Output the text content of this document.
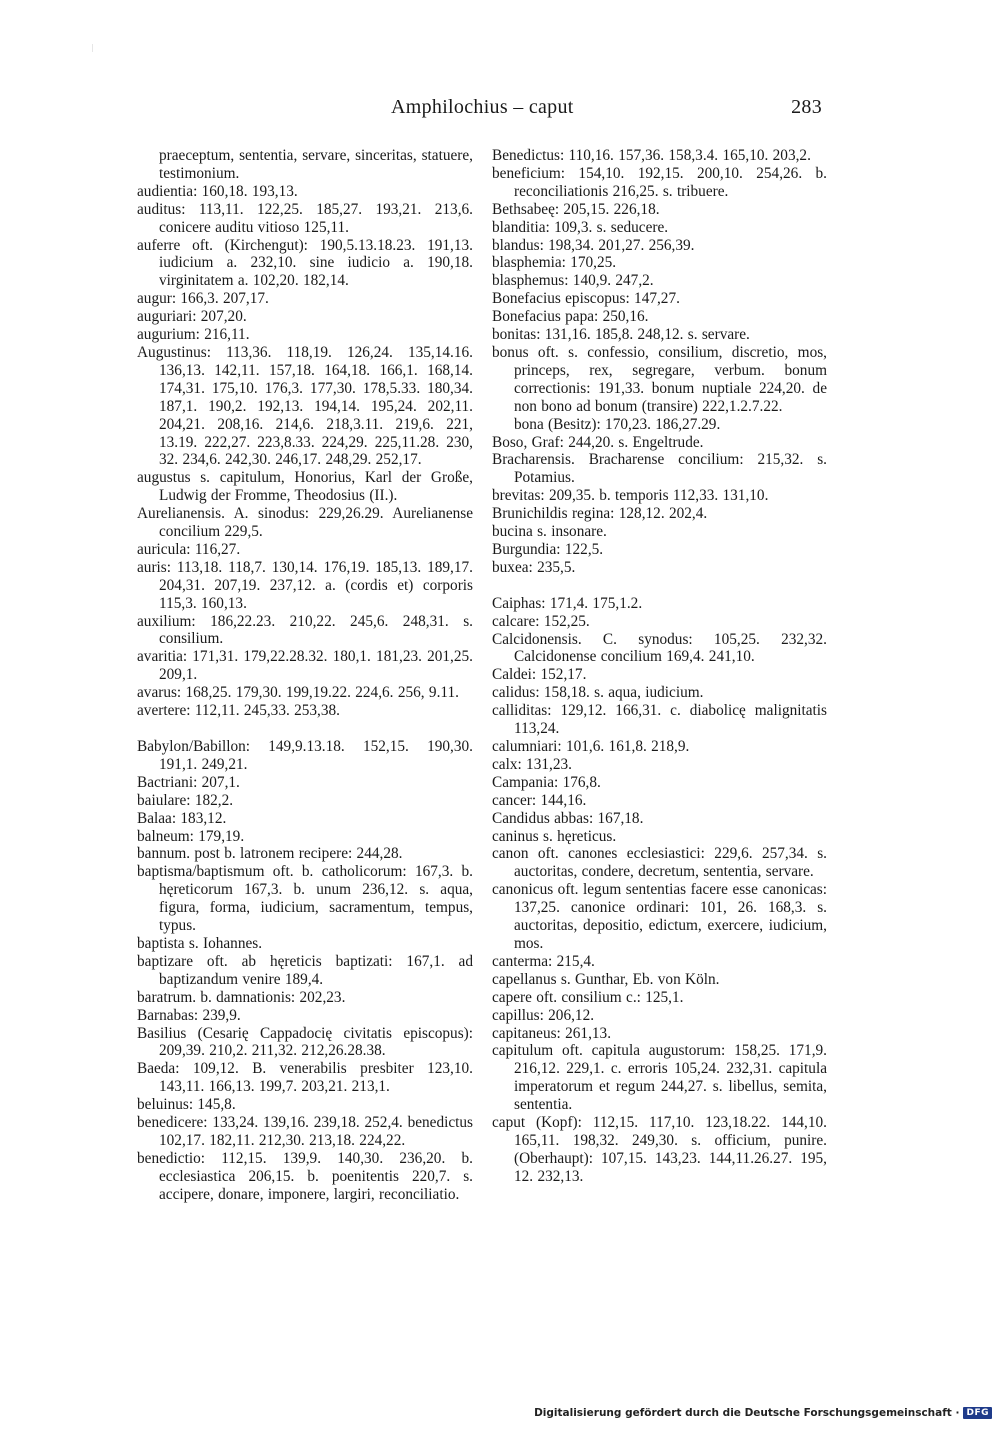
Amphilochius – caput	283
praeceptum, sententia, servare, sinceritas, statuere, testimonium.
audientia: 160,18. 193,13.
auditus: 113,11. 122,25. 185,27. 193,21. 213,6. conicere auditu vitioso 125,11.
auferre oft. (Kirchengut): 190,5.13.18.23. 191,13. iudicium a. 232,10. sine iudicio a. 190,18. virginitatem a. 102,20. 182,14.
augur: 166,3. 207,17.
auguriari: 207,20.
augurium: 216,11.
Augustinus: 113,36. 118,19. 126,24. 135,14.16. 136,13. 142,11. 157,18. 164,18. 166,1. 168,14. 174,31. 175,10. 176,3. 177,30. 178,5.33. 180,34. 187,1. 190,2. 192,13. 194,14. 195,24. 202,11. 204,21. 208,16. 214,6. 218,3.11. 219,6. 221, 13.19. 222,27. 223,8.33. 224,29. 225,11.28. 230, 32. 234,6. 242,30. 246,17. 248,29. 252,17.
augustus s. capitulum, Honorius, Karl der Große, Ludwig der Fromme, Theodosius (II.).
Aurelianensis. A. sinodus: 229,26.29. Aurelianense concilium 229,5.
auricula: 116,27.
auris: 113,18. 118,7. 130,14. 176,19. 185,13. 189,17. 204,31. 207,19. 237,12. a. (cordis et) corporis 115,3. 160,13.
auxilium: 186,22.23. 210,22. 245,6. 248,31. s. consilium.
avaritia: 171,31. 179,22.28.32. 180,1. 181,23. 201,25. 209,1.
avarus: 168,25. 179,30. 199,19.22. 224,6. 256, 9.11.
avertere: 112,11. 245,33. 253,38.
Babylon/Babillon: 149,9.13.18. 152,15. 190,30. 191,1. 249,21.
Bactriani: 207,1.
baiulare: 182,2.
Balaa: 183,12.
balneum: 179,19.
bannum. post b. latronem recipere: 244,28.
baptisma/baptismum oft. b. catholicorum: 167,3. b. hęreticorum 167,3. b. unum 236,12. s. aqua, figura, forma, iudicium, sacramentum, tempus, typus.
baptista s. Iohannes.
baptizare oft. ab hęreticis baptizati: 167,1. ad baptizandum venire 189,4.
baratrum. b. damnationis: 202,23.
Barnabas: 239,9.
Basilius (Cesarię Cappadocię civitatis episcopus): 209,39. 210,2. 211,32. 212,26.28.38.
Baeda: 109,12. B. venerabilis presbiter 123,10. 143,11. 166,13. 199,7. 203,21. 213,1.
beluinus: 145,8.
benedicere: 133,24. 139,16. 239,18. 252,4. benedictus 102,17. 182,11. 212,30. 213,18. 224,22.
benedictio: 112,15. 139,9. 140,30. 236,20. b. ecclesiastica 206,15. b. poenitentis 220,7. s. accipere, donare, imponere, largiri, reconciliatio.
Benedictus: 110,16. 157,36. 158,3.4. 165,10. 203,2.
beneficium: 154,10. 192,15. 200,10. 254,26. b. reconciliationis 216,25. s. tribuere.
Bethsabeę: 205,15. 226,18.
blanditia: 109,3. s. seducere.
blandus: 198,34. 201,27. 256,39.
blasphemia: 170,25.
blasphemus: 140,9. 247,2.
Bonefacius episcopus: 147,27.
Bonefacius papa: 250,16.
bonitas: 131,16. 185,8. 248,12. s. servare.
bonus oft. s. confessio, consilium, discretio, mos, princeps, rex, segregare, verbum. bonum correctionis: 191,33. bonum nuptiale 224,20. de non bono ad bonum (transire) 222,1.2.7.22.
bona (Besitz): 170,23. 186,27.29.
Boso, Graf: 244,20. s. Engeltrude.
Bracharensis. Bracharense concilium: 215,32. s. Potamius.
brevitas: 209,35. b. temporis 112,33. 131,10.
Brunichildis regina: 128,12. 202,4.
bucina s. insonare.
Burgundia: 122,5.
buxea: 235,5.
Caiphas: 171,4. 175,1.2.
calcare: 152,25.
Calcidonensis. C. synodus: 105,25. 232,32. Calcidonense concilium 169,4. 241,10.
Caldei: 152,17.
calidus: 158,18. s. aqua, iudicium.
calliditas: 129,12. 166,31. c. diabolicę malignitatis 113,24.
calumniari: 101,6. 161,8. 218,9.
calx: 131,23.
Campania: 176,8.
cancer: 144,16.
Candidus abbas: 167,18.
caninus s. hęreticus.
canon oft. canones ecclesiastici: 229,6. 257,34. s. auctoritas, condere, decretum, sententia, servare.
canonicus oft. legum sententias facere esse canonicas: 137,25. canonice ordinari: 101, 26. 168,3. s. auctoritas, depositio, edictum, exercere, iudicium, mos.
canterma: 215,4.
capellanus s. Gunthar, Eb. von Köln.
capere oft. consilium c.: 125,1.
capillus: 206,12.
capitaneus: 261,13.
capitulum oft. capitula augustorum: 158,25. 171,9. 216,12. 229,1. c. erroris 105,24. 232,31. capitula imperatorum et regum 244,27. s. libellus, semita, sententia.
caput (Kopf): 112,15. 117,10. 123,18.22. 144,10. 165,11. 198,32. 249,30. s. officium, punire. (Oberhaupt): 107,15. 143,23. 144,11.26.27. 195, 12. 232,13.
Digitalisierung gefördert durch die Deutsche Forschungsgemeinschaft · DFG
